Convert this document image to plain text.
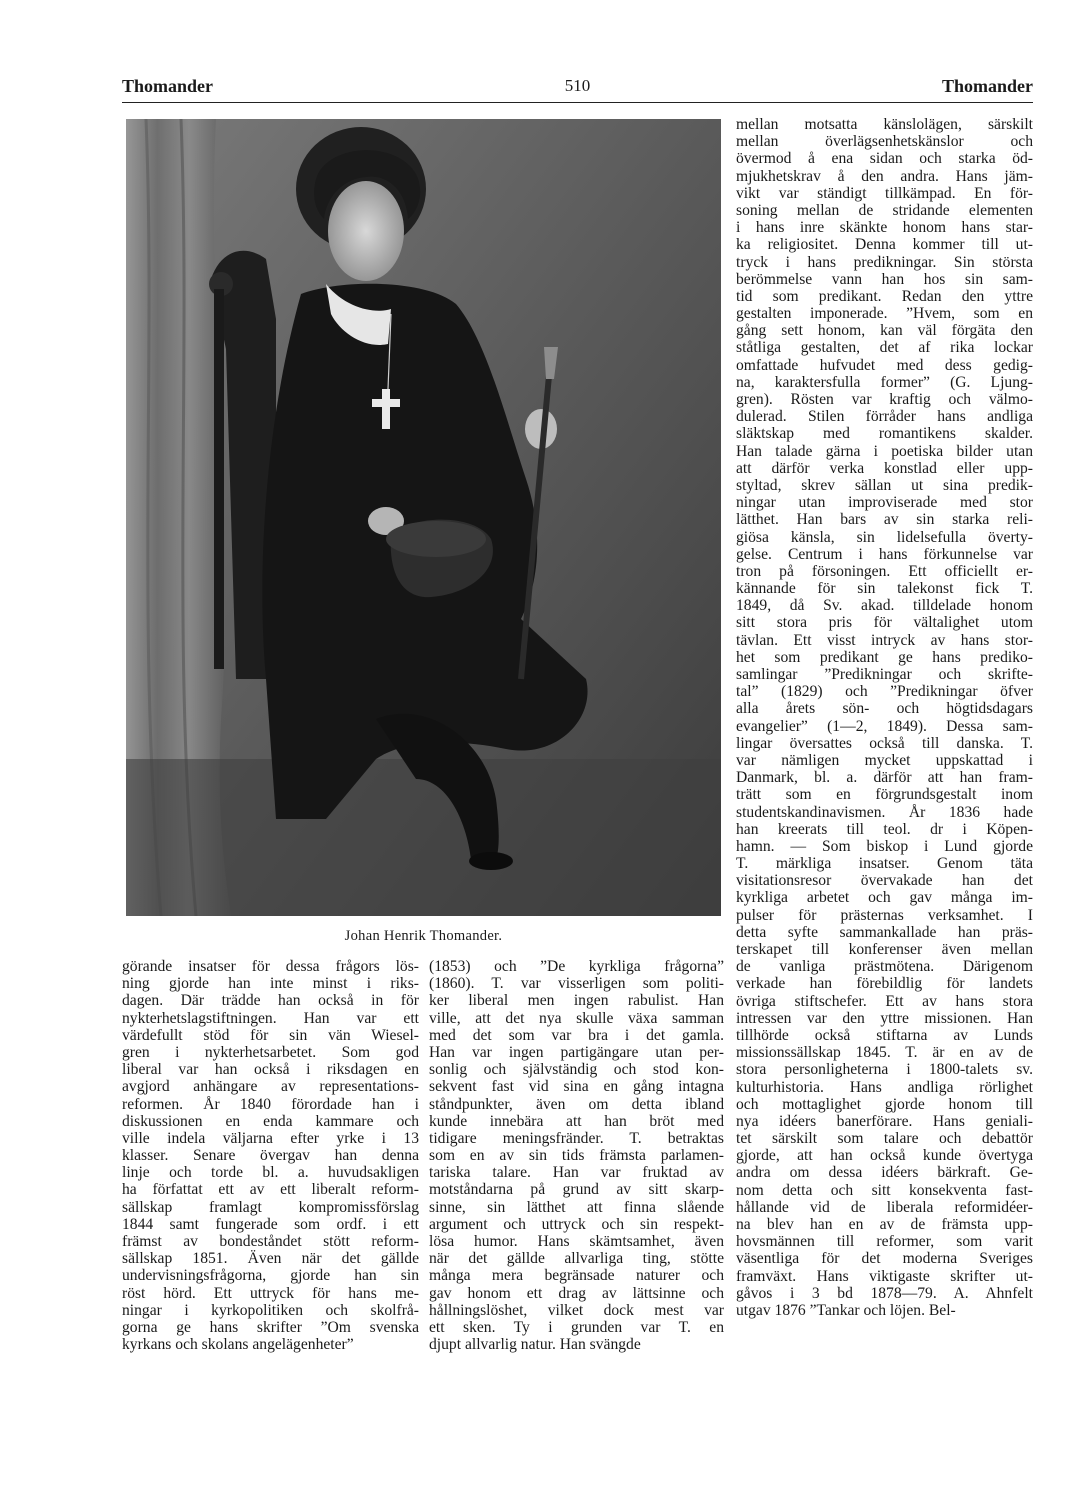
Thomander	510	Thomander
Johan Henrik Thomander.
görande insatser för dessa frågors lös-
ning gjorde han inte minst i riks-
dagen. Där trädde han också in för
nykterhetslagstiftningen. Han var ett
värdefullt stöd för sin vän Wiesel-
gren i nykterhetsarbetet. Som god
liberal var han också i riksdagen en
avgjord anhängare av representations-
reformen. År 1840 förordade han i
diskussionen en enda kammare och
ville indela väljarna efter yrke i 13
klasser. Senare övergav han denna
linje och torde bl. a. huvudsakligen
ha författat ett av ett liberalt reform-
sällskap framlagt kompromissförslag
1844 samt fungerade som ordf. i ett
främst av bondeståndet stött reform-
sällskap 1851. Även när det gällde
undervisningsfrågorna, gjorde han sin
röst hörd. Ett uttryck för hans me-
ningar i kyrkopolitiken och skolfrå-
gorna ge hans skrifter ”Om svenska
kyrkans och skolans angelägenheter”
(1853) och ”De kyrkliga frågorna”
(1860). T. var visserligen som politi-
ker liberal men ingen rabulist. Han
ville, att det nya skulle växa samman
med det som var bra i det gamla.
Han var ingen partigängare utan per-
sonlig och självständig och stod kon-
sekvent fast vid sina en gång intagna
ståndpunkter, även om detta ibland
kunde innebära att han bröt med
tidigare meningsfränder. T. betraktas
som en av sin tids främsta parlamen-
tariska talare. Han var fruktad av
motståndarna på grund av sitt skarp-
sinne, sin lätthet att finna slående
argument och uttryck och sin respekt-
lösa humor. Hans skämtsamhet, även
när det gällde allvarliga ting, stötte
många mera begränsade naturer och
gav honom ett drag av lättsinne och
hållningslöshet, vilket dock mest var
ett sken. Ty i grunden var T. en
djupt allvarlig natur. Han svängde
mellan motsatta känslolägen, särskilt
mellan överlägsenhetskänslor och
övermod å ena sidan och starka öd-
mjukhetskrav å den andra. Hans jäm-
vikt var ständigt tillkämpad. En för-
soning mellan de stridande elementen
i hans inre skänkte honom hans star-
ka religiositet. Denna kommer till ut-
tryck i hans predikningar. Sin största
berömmelse vann han hos sin sam-
tid som predikant. Redan den yttre
gestalten imponerade. ”Hvem, som en
gång sett honom, kan väl förgäta den
ståtliga gestalten, det af rika lockar
omfattade hufvudet med dess gedig-
na, karaktersfulla former” (G. Ljung-
gren). Rösten var kraftig och välmo-
dulerad. Stilen förråder hans andliga
släktskap med romantikens skalder.
Han talade gärna i poetiska bilder utan
att därför verka konstlad eller upp-
styltad, skrev sällan ut sina predik-
ningar utan improviserade med stor
lätthet. Han bars av sin starka reli-
giösa känsla, sin lidelsefulla överty-
gelse. Centrum i hans förkunnelse var
tron på försoningen. Ett officiellt er-
kännande för sin talekonst fick T.
1849, då Sv. akad. tilldelade honom
sitt stora pris för vältalighet utom
tävlan. Ett visst intryck av hans stor-
het som predikant ge hans prediko-
samlingar ”Predikningar och skrifte-
tal” (1829) och ”Predikningar öfver
alla årets sön- och högtidsdagars
evangelier” (1—2, 1849). Dessa sam-
lingar översattes också till danska. T.
var nämligen mycket uppskattad i
Danmark, bl. a. därför att han fram-
trätt som en förgrundsgestalt inom
studentskandinavismen. År 1836 hade
han kreerats till teol. dr i Köpen-
hamn. — Som biskop i Lund gjorde
T. märkliga insatser. Genom täta
visitationsresor övervakade han det
kyrkliga arbetet och gav många im-
pulser för prästernas verksamhet. I
detta syfte sammankallade han präs-
terskapet till konferenser även mellan
de vanliga prästmötena. Därigenom
verkade han förebildlig för landets
övriga stiftschefer. Ett av hans stora
intressen var den yttre missionen. Han
tillhörde också stiftarna av Lunds
missionssällskap 1845. T. är en av de
stora personligheterna i 1800-talets sv.
kulturhistoria. Hans andliga rörlighet
och mottaglighet gjorde honom till
nya idéers banerförare. Hans geniali-
tet särskilt som talare och debattör
gjorde, att han också kunde övertyga
andra om dessa idéers bärkraft. Ge-
nom detta och sitt konsekventa fast-
hållande vid de liberala reformidéer-
na blev han en av de främsta upp-
hovsmännen till reformer, som varit
väsentliga för det moderna Sveriges
framväxt. Hans viktigaste skrifter ut-
gåvos i 3 bd 1878—79. A. Ahnfelt
utgav 1876 ”Tankar och löjen. Bel-
